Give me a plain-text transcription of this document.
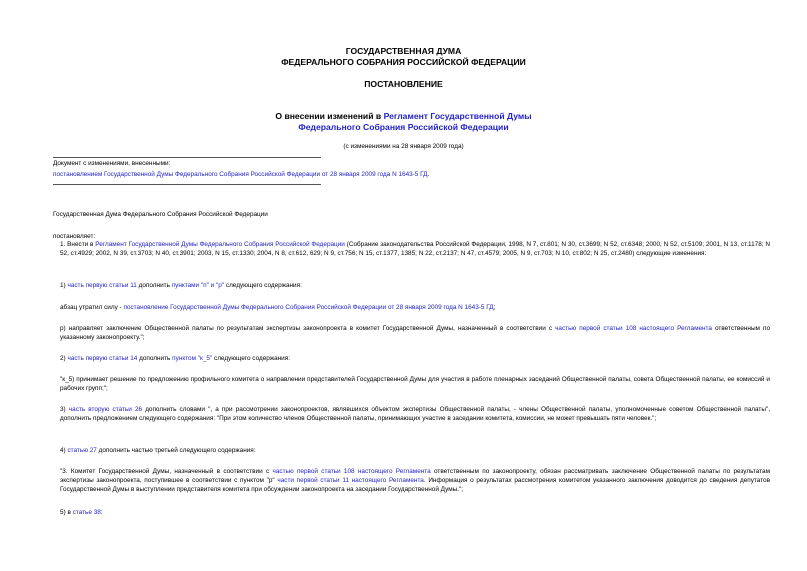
ГОСУДАРСТВЕННАЯ ДУМА
ФЕДЕРАЛЬНОГО СОБРАНИЯ РОССИЙСКОЙ ФЕДЕРАЦИИ
ПОСТАНОВЛЕНИЕ
О внесении изменений в Регламент Государственной Думы
Федерального Собрания Российской Федерации
(с изменениями на 28 января 2009 года)
Документ с изменениями, внесенными:
постановлением Государственной Думы Федерального Собрания Российской Федерации от 28 января 2009 года N 1643-5 ГД.
Государственная Дума Федерального Собрания Российской Федерации
постановляет:
1. Внести в Регламент Государственной Думы Федерального Собрания Российской Федерации (Собрание законодательства Российской Федерации, 1998, N 7, ст.801; N 30, ст.3699; N 52, ст.6348; 2000, N 52, ст.5109; 2001, N 13, ст.1178; N 52, ст.4929; 2002, N 39, ст.3703; N 40, ст.3901; 2003, N 15, ст.1330; 2004, N 8, ст.612, 629; N 9, ст.756; N 15, ст.1377, 1385; N 22, ст.2137; N 47, ст.4579; 2005, N 9, ст.703; N 10, ст.802; N 25, ст.2480) следующие изменения:
1) часть первую статьи 11 дополнить пунктами "п" и "р" следующего содержания:
абзац утратил силу - постановление Государственной Думы Федерального Собрания Российской Федерации от 28 января 2009 года N 1643-5 ГД;
р) направляет заключение Общественной палаты по результатам экспертизы законопроекта в комитет Государственной Думы, назначенный в соответствии с частью первой статьи 108 настоящего Регламента ответственным по указанному законопроекту.";
2) часть первую статьи 14 дополнить пунктом "к_5" следующего содержания:
"к_5) принимает решение по предложению профильного комитета о направлении представителей Государственной Думы для участия в работе пленарных заседаний Общественной палаты, совета Общественной палаты, ее комиссий и рабочих групп;";
3) часть вторую статьи 26 дополнить словами ", а при рассмотрении законопроектов, являвшихся объектом экспертизы Общественной палаты, - члены Общественной палаты, уполномоченные советом Общественной палаты", дополнить предложением следующего содержания: "При этом количество членов Общественной палаты, принимающих участие в заседании комитета, комиссии, не может превышать пяти человек.";
4) статью 27 дополнить частью третьей следующего содержания:
"3. Комитет Государственной Думы, назначенный в соответствии с частью первой статьи 108 настоящего Регламента ответственным по законопроекту, обязан рассматривать заключение Общественной палаты по результатам экспертизы законопроекта, поступившее в соответствии с пунктом "р" части первой статьи 11 настоящего Регламента. Информация о результатах рассмотрения комитетом указанного заключения доводится до сведения депутатов Государственной Думы в выступлении представителя комитета при обсуждении законопроекта на заседании Государственной Думы.";
5) в статье 38:
